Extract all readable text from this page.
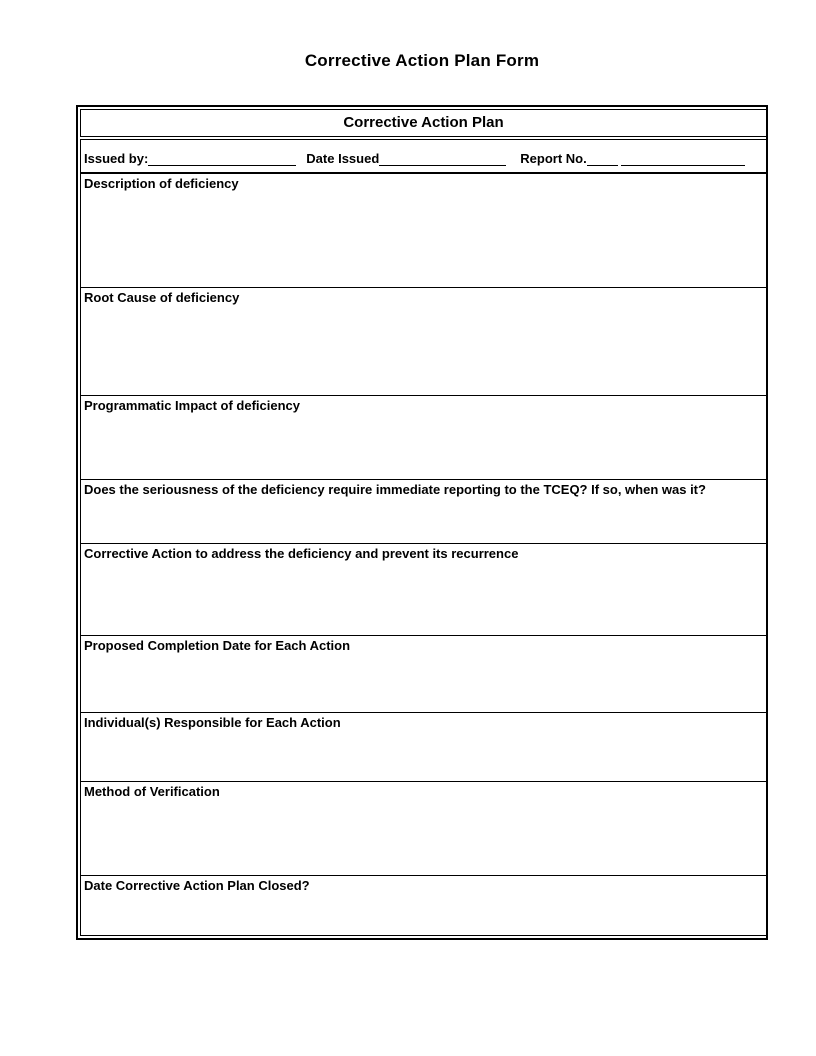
Corrective Action Plan Form
Corrective Action Plan
Issued by:	Date Issued	Report No.
Description of deficiency
Root Cause of deficiency
Programmatic Impact of deficiency
Does the seriousness of the deficiency require immediate reporting to the TCEQ? If so, when was it?
Corrective Action to address the deficiency and prevent its recurrence
Proposed Completion Date for Each Action
Individual(s) Responsible for Each Action
Method of Verification
Date Corrective Action Plan Closed?
